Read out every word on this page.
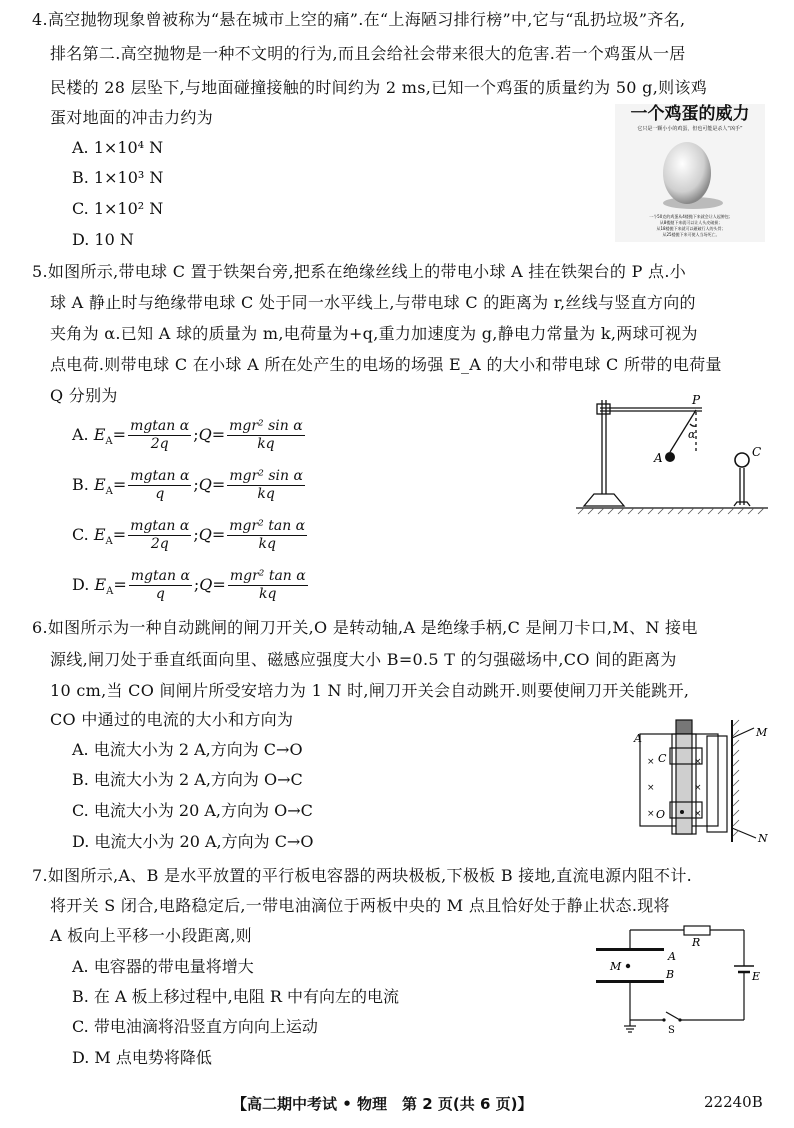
4.高空抛物现象曾被称为“悬在城市上空的痛”.在“上海陋习排行榜”中,它与“乱扔垃圾”齐名,
排名第二.高空抛物是一种不文明的行为,而且会给社会带来很大的危害.若一个鸡蛋从一居
民楼的 28 层坠下,与地面碰撞接触的时间约为 2 ms,已知一个鸡蛋的质量约为 50 g,则该鸡
蛋对地面的冲击力约为
A. 1×10⁴ N
B. 1×10³ N
C. 1×10² N
D. 10 N
一个鸡蛋的威力
它只是一颗小小的鸡蛋，但也可能是杀人“凶手”
一个50克的鸡蛋从4楼抛下来就会让人起肿包；
从8楼抛下来就可以让人头皮破损；
从18楼抛下来就可以砸破行人的头骨；
从25楼抛下来可使人当场死亡。
5.如图所示,带电球 C 置于铁架台旁,把系在绝缘丝线上的带电小球 A 挂在铁架台的 P 点.小
球 A 静止时与绝缘带电球 C 处于同一水平线上,与带电球 C 的距离为 r,丝线与竖直方向的
夹角为 α.已知 A 球的质量为 m,电荷量为+q,重力加速度为 g,静电力常量为 k,两球可视为
点电荷.则带电球 C 在小球 A 所在处产生的电场的场强 E_A 的大小和带电球 C 所带的电荷量
Q 分别为
A. $E_A= \frac{\text{mgtan α}}{2q}$ ;Q= $\frac{\text{mgr² sin α}}{kq}$
B. $E_A= \frac{\text{mgtan α}}{q}$ ;Q= $\frac{\text{mgr² sin α}}{kq}$
C. $E_A= \frac{\text{mgtan α}}{2q}$ ;Q= $\frac{\text{mgr² tan α}}{kq}$
D. $E_A= \frac{\text{mgtan α}}{q}$ ;Q= $\frac{\text{mgr² tan α}}{kq}$
P
α
A	C
6.如图所示为一种自动跳闸的闸刀开关,O 是转动轴,A 是绝缘手柄,C 是闸刀卡口,M、N 接电
源线,闸刀处于垂直纸面向里、磁感应强度大小 B=0.5 T 的匀强磁场中,CO 间的距离为
10 cm,当 CO 间闸片所受安培力为 1 N 时,闸刀开关会自动跳开.则要使闸刀开关能跳开,
CO 中通过的电流的大小和方向为
A. 电流大小为 2 A,方向为 C→O
B. 电流大小为 2 A,方向为 O→C
C. 电流大小为 20 A,方向为 O→C
D. 电流大小为 20 A,方向为 C→O
×	×
×	×
×	×
A
C
O
M
N
7.如图所示,A、B 是水平放置的平行板电容器的两块极板,下极板 B 接地,直流电源内阻不计.
将开关 S 闭合,电路稳定后,一带电油滴位于两板中央的 M 点且恰好处于静止状态.现将
A 板向上平移一小段距离,则
A. 电容器的带电量将增大
B. 在 A 板上移过程中,电阻 R 中有向左的电流
C. 带电油滴将沿竖直方向向上运动
D. M 点电势将降低
R
E
A
B
M
S
【高二期中考试 • 物理　第 2 页(共 6 页)】	22240B
